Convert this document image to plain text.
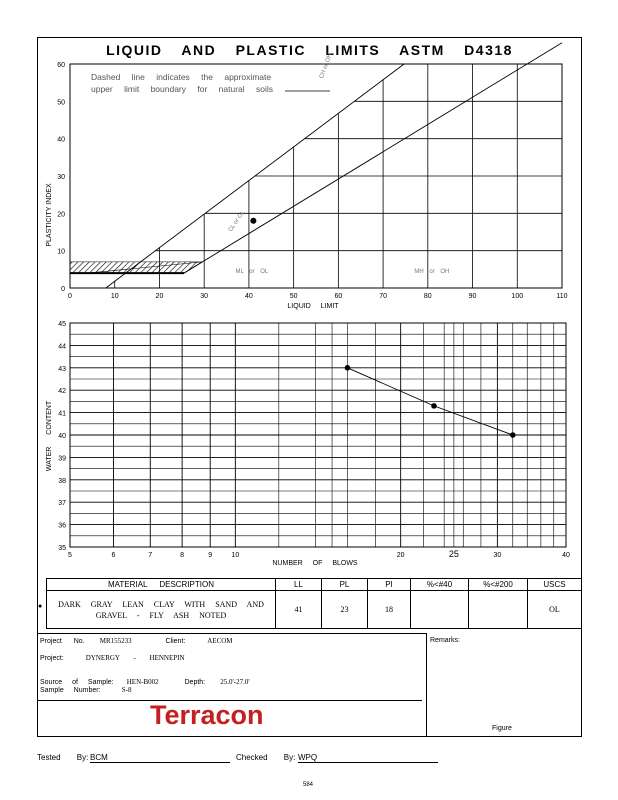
LIQUID AND PLASTIC LIMITS ASTM D4318
0	10	20	30	40	50	60	70	80	90	100	110
0
10
20
30
40
50
60
ML or OL	MH or OH
CL or OL
CH or OH
45
44
43
42
41
40
39
38
37
36
35
5	6	7	8	9	10	20	25	30	40
PLASTICITY INDEX
LIQUID LIMIT
Dashed line indicates the approximate
upper limit boundary for natural soils
WATER CONTENT
NUMBER OF BLOWS
MATERIAL DESCRIPTION	LL	PL	PI	%<#40	%<#200	USCS

DARK GRAY LEAN CLAY WITH SAND AND
GRAVEL - FLY ASH NOTED	41	23	18			OL
●
Project No. MR155233	Client:	AECOM
Project:	DYNERGY - HENNEPIN
Source of Sample: HEN-B002	Depth: 25.0'-27.0'
Sample Number:	S-8
Remarks:
Figure
Terracon
Tested By: BCM	Checked By: WPQ
584
